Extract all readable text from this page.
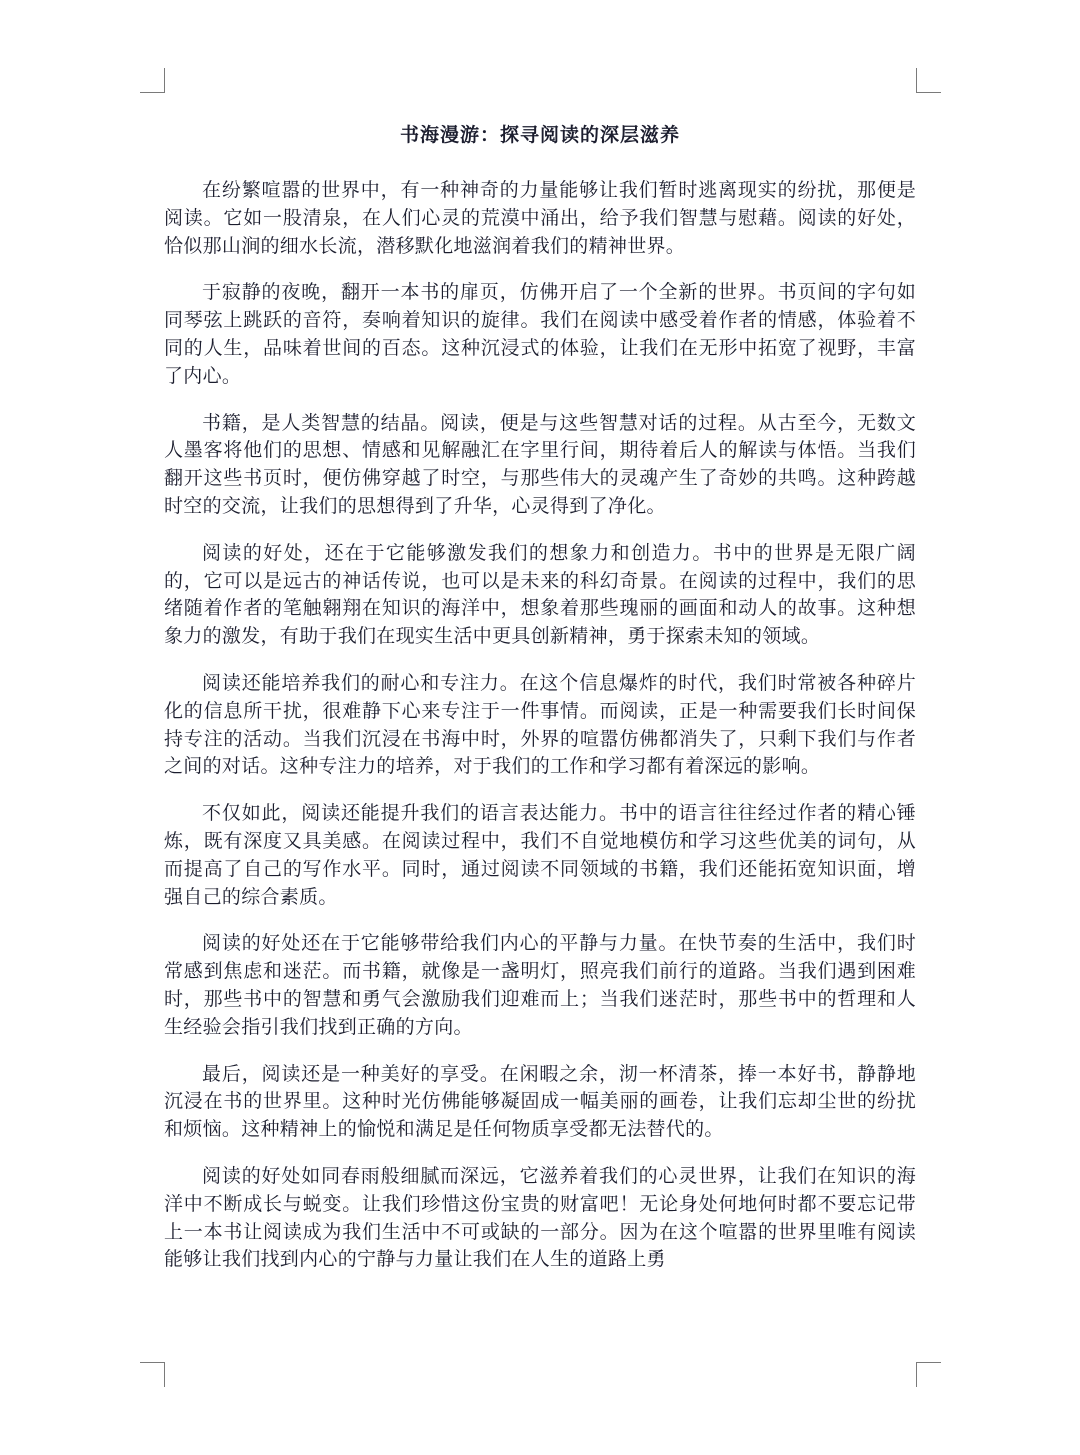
书海漫游：探寻阅读的深层滋养

在纷繁喧嚣的世界中，有一种神奇的力量能够让我们暂时逃离现实的纷扰，那便是阅读。它如一股清泉，在人们心灵的荒漠中涌出，给予我们智慧与慰藉。阅读的好处，恰似那山涧的细水长流，潜移默化地滋润着我们的精神世界。

于寂静的夜晚，翻开一本书的扉页，仿佛开启了一个全新的世界。书页间的字句如同琴弦上跳跃的音符，奏响着知识的旋律。我们在阅读中感受着作者的情感，体验着不同的人生，品味着世间的百态。这种沉浸式的体验，让我们在无形中拓宽了视野，丰富了内心。

书籍，是人类智慧的结晶。阅读，便是与这些智慧对话的过程。从古至今，无数文人墨客将他们的思想、情感和见解融汇在字里行间，期待着后人的解读与体悟。当我们翻开这些书页时，便仿佛穿越了时空，与那些伟大的灵魂产生了奇妙的共鸣。这种跨越时空的交流，让我们的思想得到了升华，心灵得到了净化。

阅读的好处，还在于它能够激发我们的想象力和创造力。书中的世界是无限广阔的，它可以是远古的神话传说，也可以是未来的科幻奇景。在阅读的过程中，我们的思绪随着作者的笔触翱翔在知识的海洋中，想象着那些瑰丽的画面和动人的故事。这种想象力的激发，有助于我们在现实生活中更具创新精神，勇于探索未知的领域。

阅读还能培养我们的耐心和专注力。在这个信息爆炸的时代，我们时常被各种碎片化的信息所干扰，很难静下心来专注于一件事情。而阅读，正是一种需要我们长时间保持专注的活动。当我们沉浸在书海中时，外界的喧嚣仿佛都消失了，只剩下我们与作者之间的对话。这种专注力的培养，对于我们的工作和学习都有着深远的影响。

不仅如此，阅读还能提升我们的语言表达能力。书中的语言往往经过作者的精心锤炼，既有深度又具美感。在阅读过程中，我们不自觉地模仿和学习这些优美的词句，从而提高了自己的写作水平。同时，通过阅读不同领域的书籍，我们还能拓宽知识面，增强自己的综合素质。

阅读的好处还在于它能够带给我们内心的平静与力量。在快节奏的生活中，我们时常感到焦虑和迷茫。而书籍，就像是一盏明灯，照亮我们前行的道路。当我们遇到困难时，那些书中的智慧和勇气会激励我们迎难而上；当我们迷茫时，那些书中的哲理和人生经验会指引我们找到正确的方向。

最后，阅读还是一种美好的享受。在闲暇之余，沏一杯清茶，捧一本好书，静静地沉浸在书的世界里。这种时光仿佛能够凝固成一幅美丽的画卷，让我们忘却尘世的纷扰和烦恼。这种精神上的愉悦和满足是任何物质享受都无法替代的。

阅读的好处如同春雨般细腻而深远，它滋养着我们的心灵世界，让我们在知识的海洋中不断成长与蜕变。让我们珍惜这份宝贵的财富吧！无论身处何地何时都不要忘记带上一本书让阅读成为我们生活中不可或缺的一部分。因为在这个喧嚣的世界里唯有阅读能够让我们找到内心的宁静与力量让我们在人生的道路上勇
